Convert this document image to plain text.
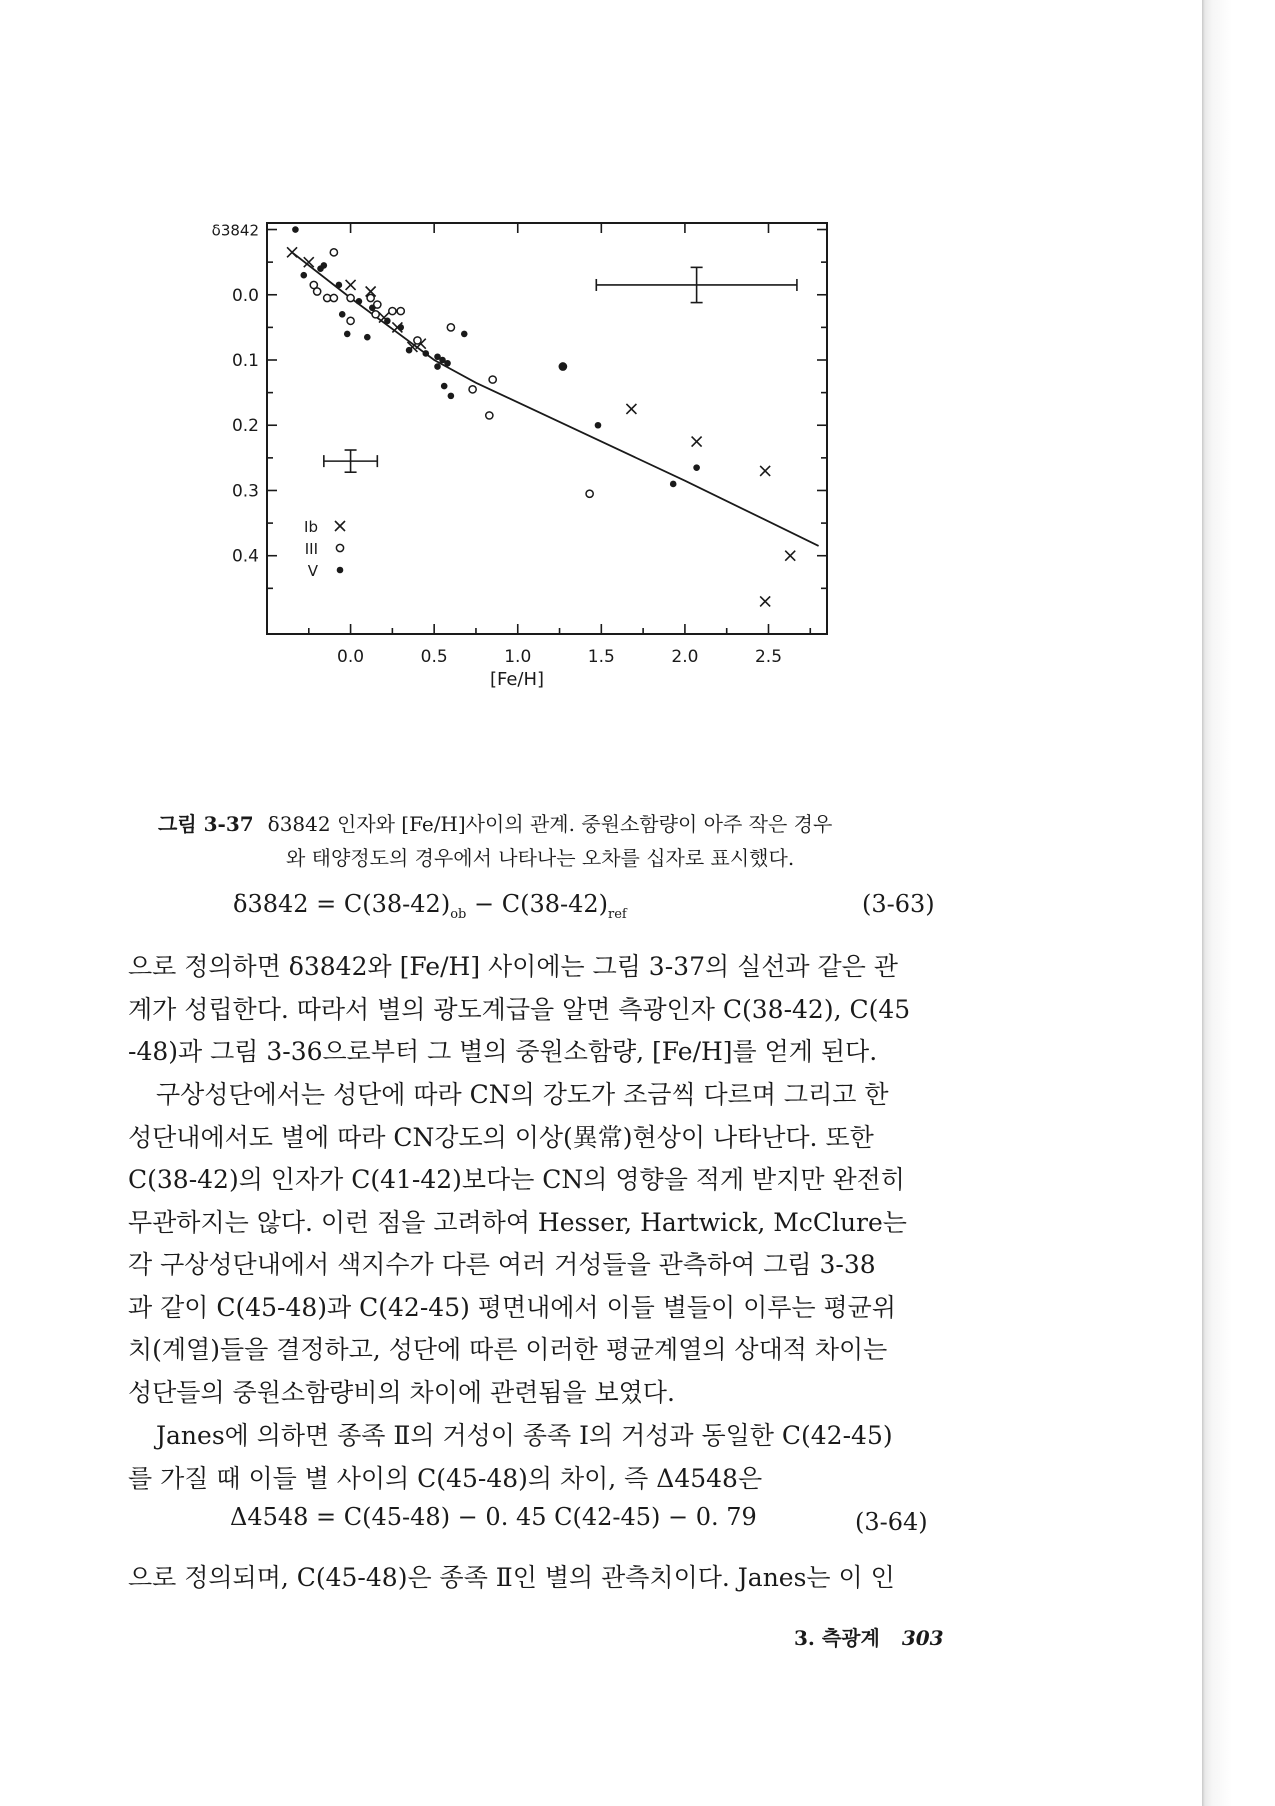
0.0	0.5	1.0	1.5	2.0	2.5
δ3842
0.0
0.1
0.2
0.3
0.4
Ib
III
V
[Fe/H]
그림 3-37 δ3842 인자와 [Fe/H]사이의 관계. 중원소함량이 아주 작은 경우
와 태양정도의 경우에서 나타나는 오차를 십자로 표시했다.
$\delta 3842 = C(38-42)_{ob} - C(38-42)_{ref}$	(3-63)

으로 정의하면 δ3842와 [Fe/H] 사이에는 그림 3-37의 실선과 같은 관
계가 성립한다. 따라서 별의 광도계급을 알면 측광인자 C(38-42), C(45
-48)과 그림 3-36으로부터 그 별의 중원소함량, [Fe/H]를 얻게 된다.

구상성단에서는 성단에 따라 CN의 강도가 조금씩 다르며 그리고 한
성단내에서도 별에 따라 CN강도의 이상(異常)현상이 나타난다. 또한
C(38-42)의 인자가 C(41-42)보다는 CN의 영향을 적게 받지만 완전히
무관하지는 않다. 이런 점을 고려하여 Hesser, Hartwick, McClure는
각 구상성단내에서 색지수가 다른 여러 거성들을 관측하여 그림 3-38
과 같이 C(45-48)과 C(42-45) 평면내에서 이들 별들이 이루는 평균위
치(계열)들을 결정하고, 성단에 따른 이러한 평균계열의 상대적 차이는
성단들의 중원소함량비의 차이에 관련됨을 보였다.

Janes에 의하면 종족 Ⅱ의 거성이 종족 Ⅰ의 거성과 동일한 C(42-45)
를 가질 때 이들 별 사이의 C(45-48)의 차이, 즉 Δ4548은

Δ4548 = C(45-48) − 0. 45 C(42-45) − 0. 79	(3-64)

으로 정의되며, C(45-48)은 종족 Ⅱ인 별의 관측치이다. Janes는 이 인

3. 측광계 303
